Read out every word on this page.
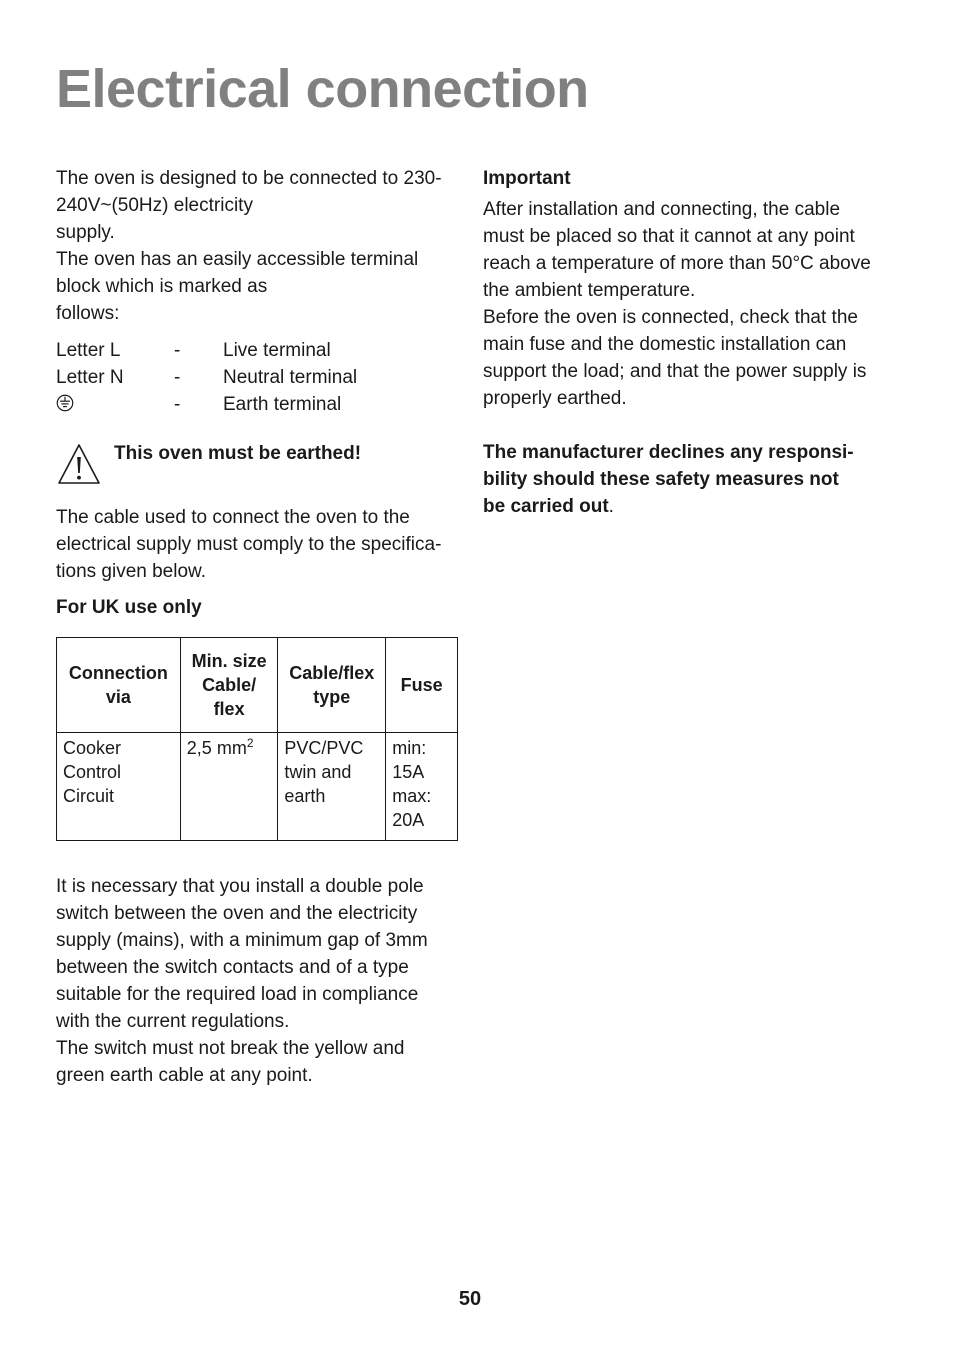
Electrical connection

The oven is designed to be connected to 230-
240V~(50Hz) electricity
supply.
The oven has an easily accessible terminal
block which is marked as
follows:

Letter L	-	Live terminal
Letter N	-	Neutral terminal
-	Earth terminal
This oven must be earthed!

The cable used to connect the oven to the
electrical supply must comply to the specifica-
tions given below.

For UK use only

Connection
via	Min. size
Cable/
flex	Cable/flex
type	Fuse

Cooker
Control
Circuit	2,5 $mm^2$	PVC/PVC
twin and
earth	min:
15A
max:
20A

It is necessary that you install a double pole
switch between the oven and the electricity
supply (mains), with a minimum gap of 3mm
between the switch contacts and of a type
suitable for the required load in compliance
with the current regulations.
The switch must not break the yellow and
green earth cable at any point.

Important

After installation and connecting, the cable
must be placed so that it cannot at any point
reach a temperature of more than 50°C above
the ambient temperature.
Before the oven is connected, check that the
main fuse and the domestic installation can
support the load; and that the power supply is
properly earthed.

The manufacturer declines any responsi-
bility should these safety measures not
be carried out.

50
